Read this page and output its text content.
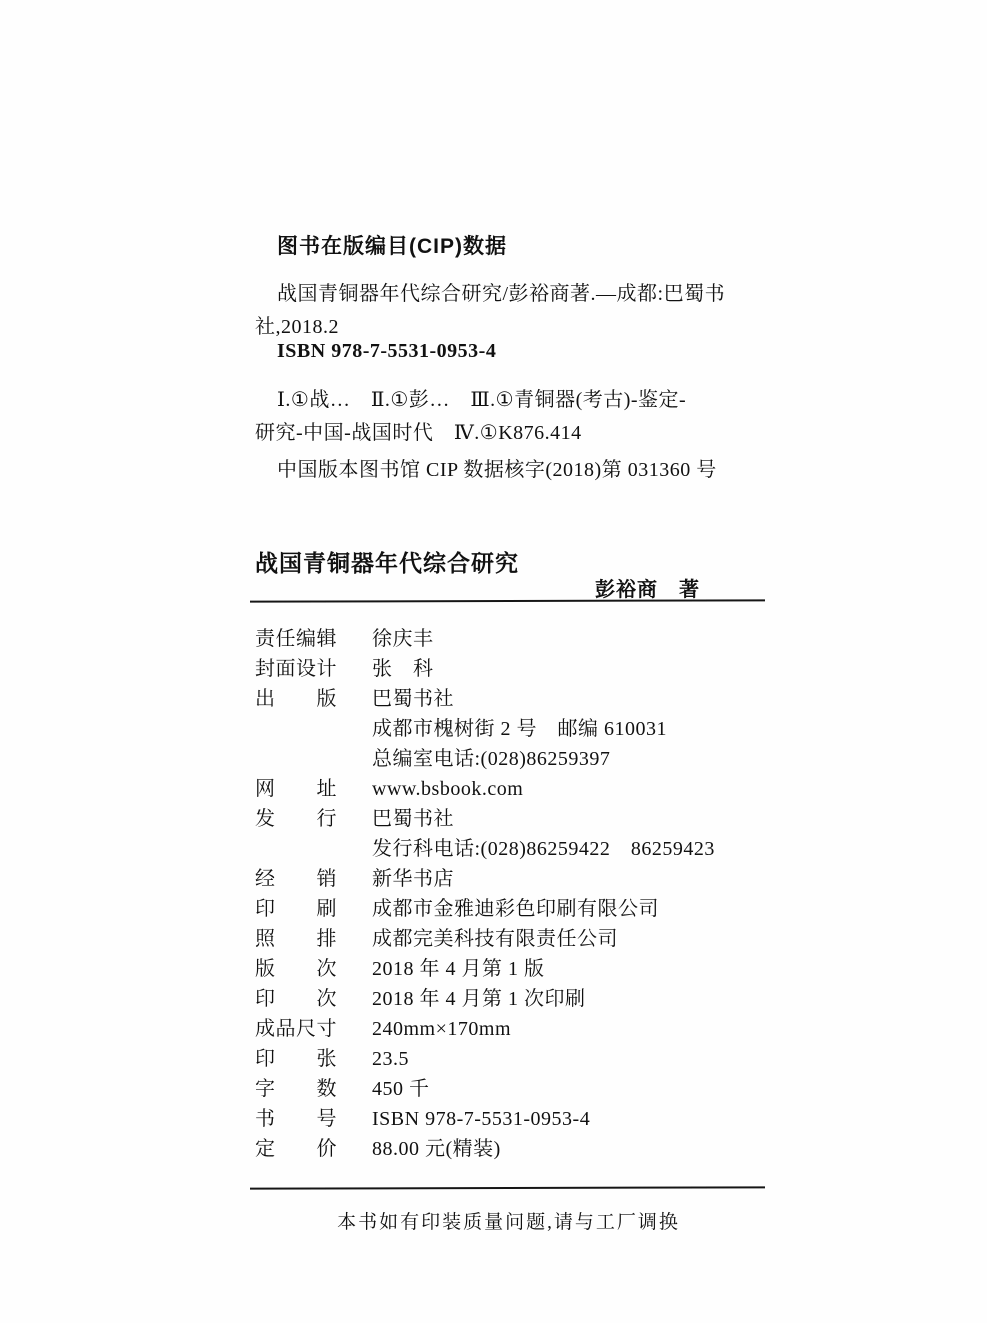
图书在版编目(CIP)数据
战国青铜器年代综合研究/彭裕商著.—成都:巴蜀书
社,2018.2
ISBN 978-7-5531-0953-4
Ⅰ.①战…　Ⅱ.①彭…　Ⅲ.①青铜器(考古)-鉴定-
研究-中国-战国时代　Ⅳ.①K876.414
中国版本图书馆 CIP 数据核字(2018)第 031360 号
战国青铜器年代综合研究
彭裕商　著
责任编辑	徐庆丰
封面设计	张　科
出　　版	巴蜀书社
成都市槐树街 2 号　邮编 610031
总编室电话:(028)86259397
网　　址	www.bsbook.com
发　　行	巴蜀书社
发行科电话:(028)86259422　86259423
经　　销	新华书店
印　　刷	成都市金雅迪彩色印刷有限公司
照　　排	成都完美科技有限责任公司
版　　次	2018 年 4 月第 1 版
印　　次	2018 年 4 月第 1 次印刷
成品尺寸	240mm×170mm
印　　张	23.5
字　　数	450 千
书　　号	ISBN 978-7-5531-0953-4
定　　价	88.00 元(精装)
本书如有印装质量问题,请与工厂调换
